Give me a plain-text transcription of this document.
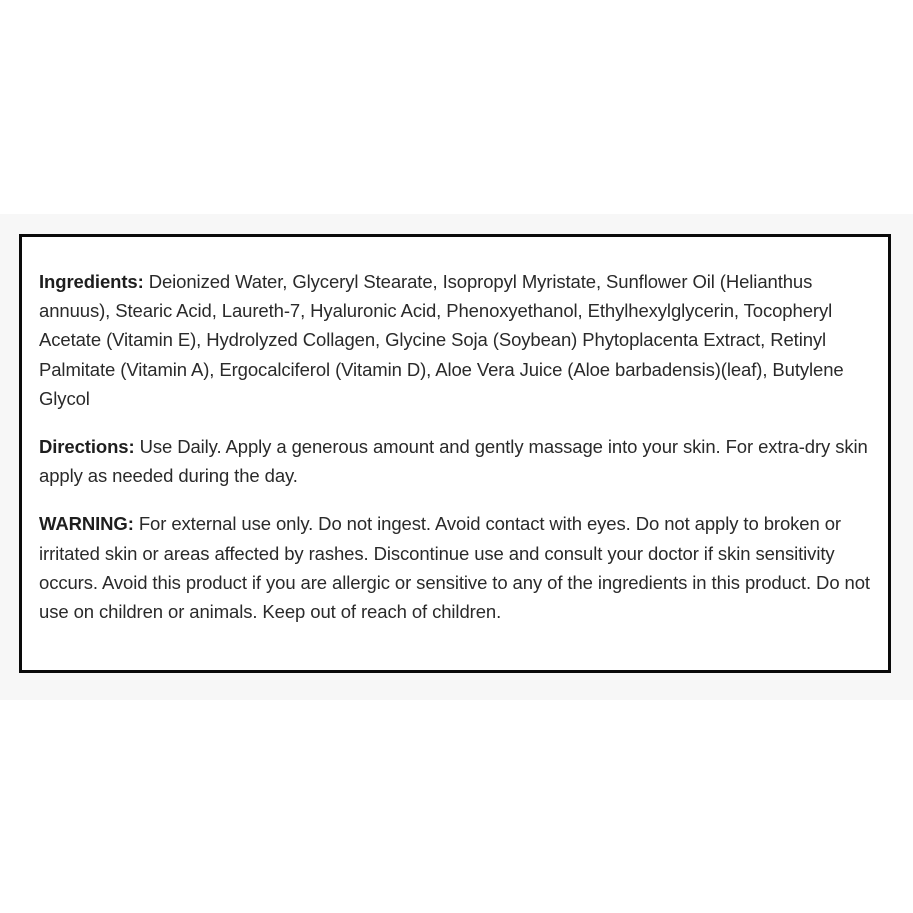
Ingredients: Deionized Water, Glyceryl Stearate, Isopropyl Myristate, Sunflower Oil (Helianthus annuus), Stearic Acid, Laureth-7, Hyaluronic Acid, Phenoxyethanol, Ethylhexylglycerin, Tocopheryl Acetate (Vitamin E), Hydrolyzed Collagen, Glycine Soja (Soybean) Phytoplacenta Extract, Retinyl Palmitate (Vitamin A), Ergocalciferol (Vitamin D), Aloe Vera Juice (Aloe barbadensis)(leaf), Butylene Glycol

Directions: Use Daily. Apply a generous amount and gently massage into your skin. For extra-dry skin apply as needed during the day.

WARNING: For external use only. Do not ingest. Avoid contact with eyes. Do not apply to broken or irritated skin or areas affected by rashes. Discontinue use and consult your doctor if skin sensitivity occurs. Avoid this product if you are allergic or sensitive to any of the ingredients in this product. Do not use on children or animals. Keep out of reach of children.
